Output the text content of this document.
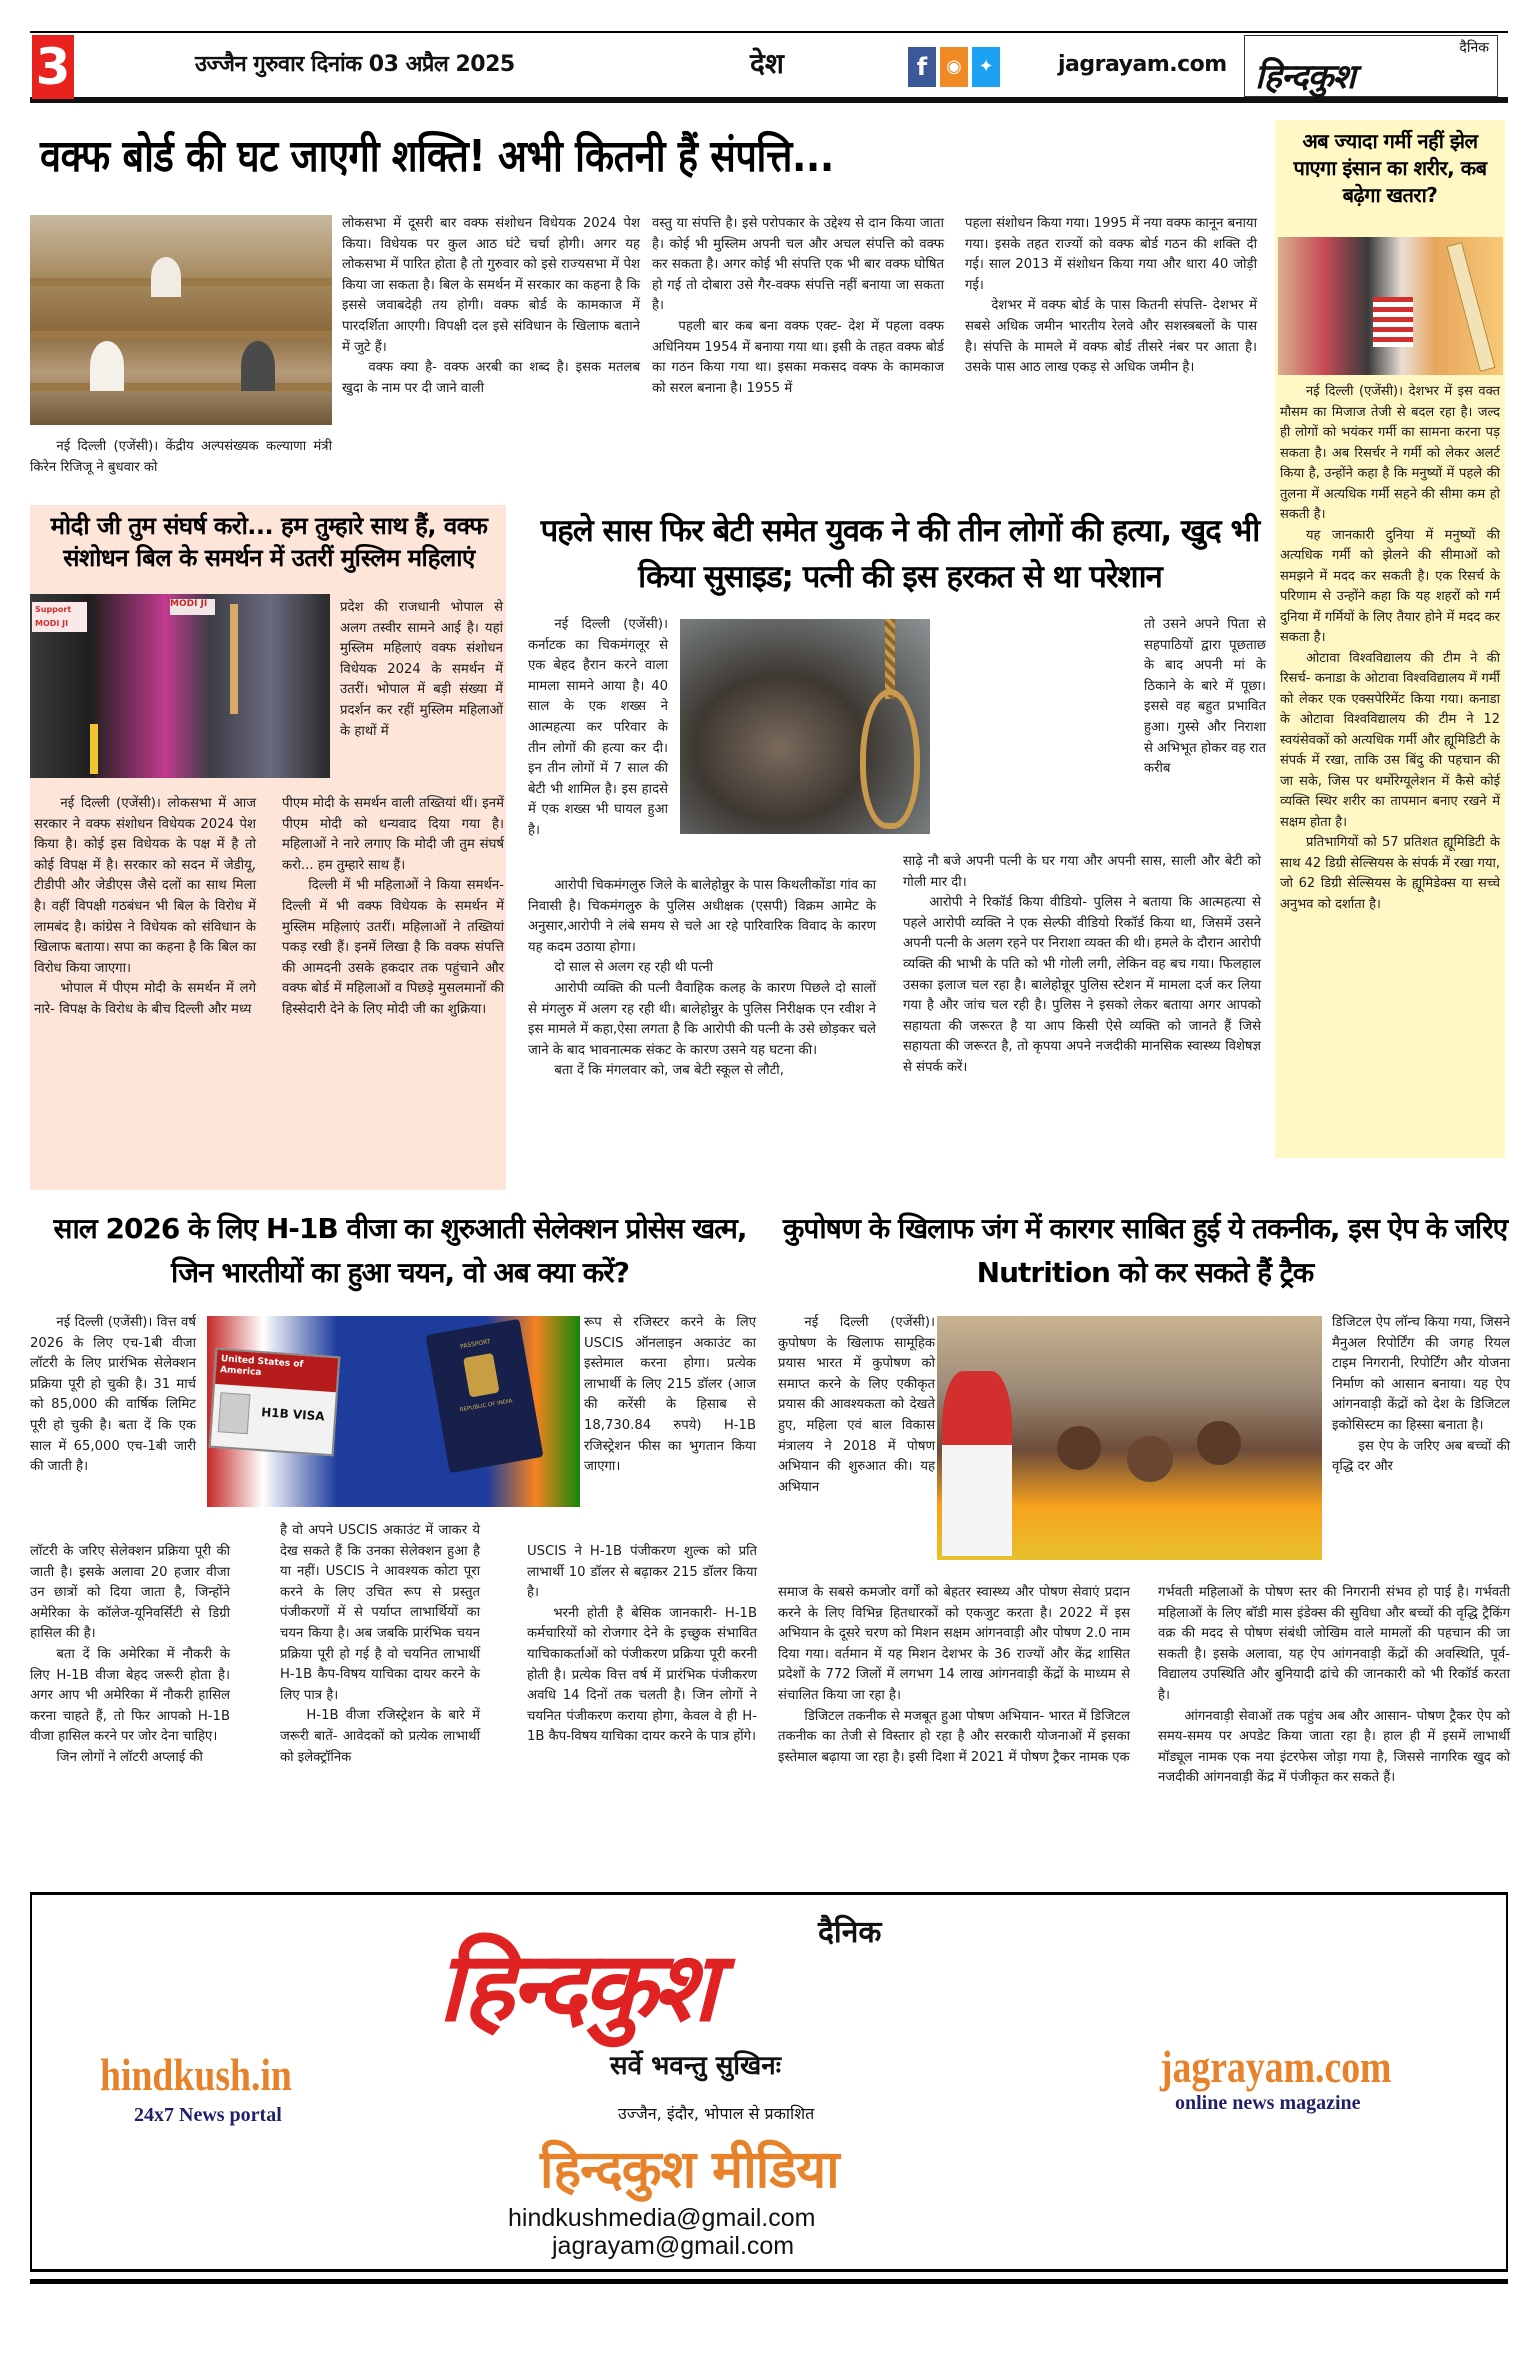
3	उज्जैन गुरुवार दिनांक 03 अप्रैल 2025	देश	f	◉ ✦	jagrayam.com
दैनिक
हिन्दकुश
वक्फ बोर्ड की घट जाएगी शक्ति! अभी कितनी हैं संपत्ति...

नई दिल्ली (एजेंसी)। केंद्रीय अल्पसंख्यक कल्याणा मंत्री किरेन रिजिजू ने बुधवार को

लोकसभा में दूसरी बार वक्फ संशोधन विधेयक 2024 पेश किया। विधेयक पर कुल आठ घंटे चर्चा होगी। अगर यह लोकसभा में पारित होता है तो गुरुवार को इसे राज्यसभा में पेश किया जा सकता है। बिल के समर्थन में सरकार का कहना है कि इससे जवाबदेही तय होगी। वक्फ बोर्ड के कामकाज में पारदर्शिता आएगी। विपक्षी दल इसे संविधान के खिलाफ बताने में जुटे हैं।

वक्फ क्या है- वक्फ अरबी का शब्द है। इसक मतलब खुदा के नाम पर दी जाने वाली

वस्तु या संपत्ति है। इसे परोपकार के उद्देश्य से दान किया जाता है। कोई भी मुस्लिम अपनी चल और अचल संपत्ति को वक्फ कर सकता है। अगर कोई भी संपत्ति एक भी बार वक्फ घोषित हो गई तो दोबारा उसे गैर-वक्फ संपत्ति नहीं बनाया जा सकता है।

पहली बार कब बना वक्फ एक्ट- देश में पहला वक्फ अधिनियम 1954 में बनाया गया था। इसी के तहत वक्फ बोर्ड का गठन किया गया था। इसका मकसद वक्फ के कामकाज को सरल बनाना है। 1955 में

पहला संशोधन किया गया। 1995 में नया वक्फ कानून बनाया गया। इसके तहत राज्यों को वक्फ बोर्ड गठन की शक्ति दी गई। साल 2013 में संशोधन किया गया और धारा 40 जोड़ी गई।

देशभर में वक्फ बोर्ड के पास कितनी संपत्ति- देशभर में सबसे अधिक जमीन भारतीय रेलवे और सशस्त्रबलों के पास है। संपत्ति के मामले में वक्फ बोर्ड तीसरे नंबर पर आता है। उसके पास आठ लाख एकड़ से अधिक जमीन है।

अब ज्यादा गर्मी नहीं झेल पाएगा इंसान का शरीर, कब बढ़ेगा खतरा?

नई दिल्ली (एजेंसी)। देशभर में इस वक्त मौसम का मिजाज तेजी से बदल रहा है। जल्द ही लोगों को भयंकर गर्मी का सामना करना पड़ सकता है। अब रिसर्चर ने गर्मी को लेकर अलर्ट किया है, उन्होंने कहा है कि मनुष्यों में पहले की तुलना में अत्यधिक गर्मी सहने की सीमा कम हो सकती है।

यह जानकारी दुनिया में मनुष्यों की अत्यधिक गर्मी को झेलने की सीमाओं को समझने में मदद कर सकती है। एक रिसर्च के परिणाम से उन्होंने कहा कि यह शहरों को गर्म दुनिया में गर्मियों के लिए तैयार होने में मदद कर सकता है।

ओटावा विश्वविद्यालय की टीम ने की रिसर्च- कनाडा के ओटावा विश्वविद्यालय में गर्मी को लेकर एक एक्सपेरिमेंट किया गया। कनाडा के ओटावा विश्वविद्यालय की टीम ने 12 स्वयंसेवकों को अत्यधिक गर्मी और ह्यूमिडिटी के संपर्क में रखा, ताकि उस बिंदु की पहचान की जा सके, जिस पर थर्मोरेग्यूलेशन में कैसे कोई व्यक्ति स्थिर शरीर का तापमान बनाए रखने में सक्षम होता है।

प्रतिभागियों को 57 प्रतिशत ह्यूमिडिटी के साथ 42 डिग्री सेल्सियस के संपर्क में रखा गया, जो 62 डिग्री सेल्सियस के ह्यूमिडेक्स या सच्चे अनुभव को दर्शाता है।

मोदी जी तुम संघर्ष करो... हम तुम्हारे साथ हैं, वक्फ संशोधन बिल के समर्थन में उतरीं मुस्लिम महिलाएं
Support MODI JI
MODI JI	प्रदेश की राजधानी भोपाल से अलग तस्वीर सामने आई है। यहां मुस्लिम महिलाएं वक्फ संशोधन विधेयक 2024 के समर्थन में उतरीं। भोपाल में बड़ी संख्या में प्रदर्शन कर रहीं मुस्लिम महिलाओं के हाथों में

नई दिल्ली (एजेंसी)। लोकसभा में आज सरकार ने वक्फ संशोधन विधेयक 2024 पेश किया है। कोई इस विधेयक के पक्ष में है तो कोई विपक्ष में है। सरकार को सदन में जेडीयू, टीडीपी और जेडीएस जैसे दलों का साथ मिला है। वहीं विपक्षी गठबंधन भी बिल के विरोध में लामबंद है। कांग्रेस ने विधेयक को संविधान के खिलाफ बताया। सपा का कहना है कि बिल का विरोध किया जाएगा।

भोपाल में पीएम मोदी के समर्थन में लगे नारे- विपक्ष के विरोध के बीच दिल्ली और मध्य

पीएम मोदी के समर्थन वाली तख्तियां थीं। इनमें पीएम मोदी को धन्यवाद दिया गया है। महिलाओं ने नारे लगाए कि मोदी जी तुम संघर्ष करो... हम तुम्हारे साथ हैं।

दिल्ली में भी महिलाओं ने किया समर्थन- दिल्ली में भी वक्फ विधेयक के समर्थन में मुस्लिम महिलाएं उतरीं। महिलाओं ने तख्तियां पकड़ रखी हैं। इनमें लिखा है कि वक्फ संपत्ति की आमदनी उसके हकदार तक पहुंचाने और वक्फ बोर्ड में महिलाओं व पिछड़े मुसलमानों की हिस्सेदारी देने के लिए मोदी जी का शुक्रिया।

पहले सास फिर बेटी समेत युवक ने की तीन लोगों की हत्या, खुद भी किया सुसाइड; पत्नी की इस हरकत से था परेशान

नई दिल्ली (एजेंसी)। कर्नाटक का चिकमंगलूर से एक बेहद हैरान करने वाला मामला सामने आया है। 40 साल के एक शख्स ने आत्महत्या कर परिवार के तीन लोगों की हत्या कर दी। इन तीन लोगों में 7 साल की बेटी भी शामिल है। इस हादसे में एक शख्स भी घायल हुआ है।

तो उसने अपने पिता से सहपाठियों द्वारा पूछताछ के बाद अपनी मां के ठिकाने के बारे में पूछा। इससे वह बहुत प्रभावित हुआ। गुस्से और निराशा से अभिभूत होकर वह रात करीब

आरोपी चिकमंगलुरु जिले के बालेहोन्नुर के पास किथलीकोंडा गांव का निवासी है। चिकमंगलुरु के पुलिस अधीक्षक (एसपी) विक्रम आमेट के अनुसार,आरोपी ने लंबे समय से चले आ रहे पारिवारिक विवाद के कारण यह कदम उठाया होगा।

दो साल से अलग रह रही थी पत्नी

आरोपी व्यक्ति की पत्नी वैवाहिक कलह के कारण पिछले दो सालों से मंगलुरु में अलग रह रही थी। बालेहोन्नुर के पुलिस निरीक्षक एन रवीश ने इस मामले में कहा,ऐसा लगता है कि आरोपी की पत्नी के उसे छोड़कर चले जाने के बाद भावनात्मक संकट के कारण उसने यह घटना की।

बता दें कि मंगलवार को, जब बेटी स्कूल से लौटी,

साढ़े नौ बजे अपनी पत्नी के घर गया और अपनी सास, साली और बेटी को गोली मार दी।

आरोपी ने रिकॉर्ड किया वीडियो- पुलिस ने बताया कि आत्महत्या से पहले आरोपी व्यक्ति ने एक सेल्फी वीडियो रिकॉर्ड किया था, जिसमें उसने अपनी पत्नी के अलग रहने पर निराशा व्यक्त की थी। हमले के दौरान आरोपी व्यक्ति की भाभी के पति को भी गोली लगी, लेकिन वह बच गया। फिलहाल उसका इलाज चल रहा है। बालेहोन्नूर पुलिस स्टेशन में मामला दर्ज कर लिया गया है और जांच चल रही है। पुलिस ने इसको लेकर बताया अगर आपको सहायता की जरूरत है या आप किसी ऐसे व्यक्ति को जानते हैं जिसे सहायता की जरूरत है, तो कृपया अपने नजदीकी मानसिक स्वास्थ्य विशेषज्ञ से संपर्क करें।

साल 2026 के लिए H-1B वीजा का शुरुआती सेलेक्शन प्रोसेस खत्म, जिन भारतीयों का हुआ चयन, वो अब क्या करें?

नई दिल्ली (एजेंसी)। वित्त वर्ष 2026 के लिए एच-1बी वीजा लॉटरी के लिए प्रारंभिक सेलेक्शन प्रक्रिया पूरी हो चुकी है। 31 मार्च को 85,000 की वार्षिक लिमिट पूरी हो चुकी है। बता दें कि एक साल में 65,000 एच-1बी जारी की जाती है।

United States of America
H1B VISA
PASSPORT
REPUBLIC OF INDIA

रूप से रजिस्टर करने के लिए USCIS ऑनलाइन अकाउंट का इस्तेमाल करना होगा। प्रत्येक लाभार्थी के लिए 215 डॉलर (आज की करेंसी के हिसाब से 18,730.84 रुपये) H-1B रजिस्ट्रेशन फीस का भुगतान किया जाएगा।

लॉटरी के जरिए सेलेक्शन प्रक्रिया पूरी की जाती है। इसके अलावा 20 हजार वीजा उन छात्रों को दिया जाता है, जिन्होंने अमेरिका के कॉलेज-यूनिवर्सिटी से डिग्री हासिल की है।

बता दें कि अमेरिका में नौकरी के लिए H-1B वीजा बेहद जरूरी होता है। अगर आप भी अमेरिका में नौकरी हासिल करना चाहते हैं, तो फिर आपको H-1B वीजा हासिल करने पर जोर देना चाहिए।

जिन लोगों ने लॉटरी अप्लाई की

है वो अपने USCIS अकाउंट में जाकर ये देख सकते हैं कि उनका सेलेक्शन हुआ है या नहीं। USCIS ने आवश्यक कोटा पूरा करने के लिए उचित रूप से प्रस्तुत पंजीकरणों में से पर्याप्त लाभार्थियों का चयन किया है। अब जबकि प्रारंभिक चयन प्रक्रिया पूरी हो गई है वो चयनित लाभार्थी H-1B कैप-विषय याचिका दायर करने के लिए पात्र है।

H-1B वीजा रजिस्ट्रेशन के बारे में जरूरी बातें- आवेदकों को प्रत्येक लाभार्थी को इलेक्ट्रॉनिक

USCIS ने H-1B पंजीकरण शुल्क को प्रति लाभार्थी 10 डॉलर से बढ़ाकर 215 डॉलर किया है।

भरनी होती है बेसिक जानकारी- H-1B कर्मचारियों को रोजगार देने के इच्छुक संभावित याचिकाकर्ताओं को पंजीकरण प्रक्रिया पूरी करनी होती है। प्रत्येक वित्त वर्ष में प्रारंभिक पंजीकरण अवधि 14 दिनों तक चलती है। जिन लोगों ने चयनित पंजीकरण कराया होगा, केवल वे ही H-1B कैप-विषय याचिका दायर करने के पात्र होंगे।

कुपोषण के खिलाफ जंग में कारगर साबित हुई ये तकनीक, इस ऐप के जरिए Nutrition को कर सकते हैं ट्रैक

नई दिल्ली (एजेंसी)। कुपोषण के खिलाफ सामूहिक प्रयास भारत में कुपोषण को समाप्त करने के लिए एकीकृत प्रयास की आवश्यकता को देखते हुए, महिला एवं बाल विकास मंत्रालय ने 2018 में पोषण अभियान की शुरुआत की। यह अभियान

डिजिटल ऐप लॉन्च किया गया, जिसने मैनुअल रिपोर्टिंग की जगह रियल टाइम निगरानी, रिपोर्टिंग और योजना निर्माण को आसान बनाया। यह ऐप आंगनवाड़ी केंद्रों को देश के डिजिटल इकोसिस्टम का हिस्सा बनाता है।

इस ऐप के जरिए अब बच्चों की वृद्धि दर और

समाज के सबसे कमजोर वर्गों को बेहतर स्वास्थ्य और पोषण सेवाएं प्रदान करने के लिए विभिन्न हितधारकों को एकजुट करता है। 2022 में इस अभियान के दूसरे चरण को मिशन सक्षम आंगनवाड़ी और पोषण 2.0 नाम दिया गया। वर्तमान में यह मिशन देशभर के 36 राज्यों और केंद्र शासित प्रदेशों के 772 जिलों में लगभग 14 लाख आंगनवाड़ी केंद्रों के माध्यम से संचालित किया जा रहा है।

डिजिटल तकनीक से मजबूत हुआ पोषण अभियान- भारत में डिजिटल तकनीक का तेजी से विस्तार हो रहा है और सरकारी योजनाओं में इसका इस्तेमाल बढ़ाया जा रहा है। इसी दिशा में 2021 में पोषण ट्रैकर नामक एक

गर्भवती महिलाओं के पोषण स्तर की निगरानी संभव हो पाई है। गर्भवती महिलाओं के लिए बॉडी मास इंडेक्स की सुविधा और बच्चों की वृद्धि ट्रैकिंग वक्र की मदद से पोषण संबंधी जोखिम वाले मामलों की पहचान की जा सकती है। इसके अलावा, यह ऐप आंगनवाड़ी केंद्रों की अवस्थिति, पूर्व-विद्यालय उपस्थिति और बुनियादी ढांचे की जानकारी को भी रिकॉर्ड करता है।

आंगनवाड़ी सेवाओं तक पहुंच अब और आसान- पोषण ट्रैकर ऐप को समय-समय पर अपडेट किया जाता रहा है। हाल ही में इसमें लाभार्थी मॉड्यूल नामक एक नया इंटरफेस जोड़ा गया है, जिससे नागरिक खुद को नजदीकी आंगनवाड़ी केंद्र में पंजीकृत कर सकते हैं।

दैनिक
हिन्दकुश
hindkush.in
24x7 News portal
सर्वे भवन्तु सुखिनः
उज्जैन, इंदौर, भोपाल से प्रकाशित
हिन्दकुश मीडिया
hindkushmedia@gmail.com
jagrayam@gmail.com
jagrayam.com
online news magazine
